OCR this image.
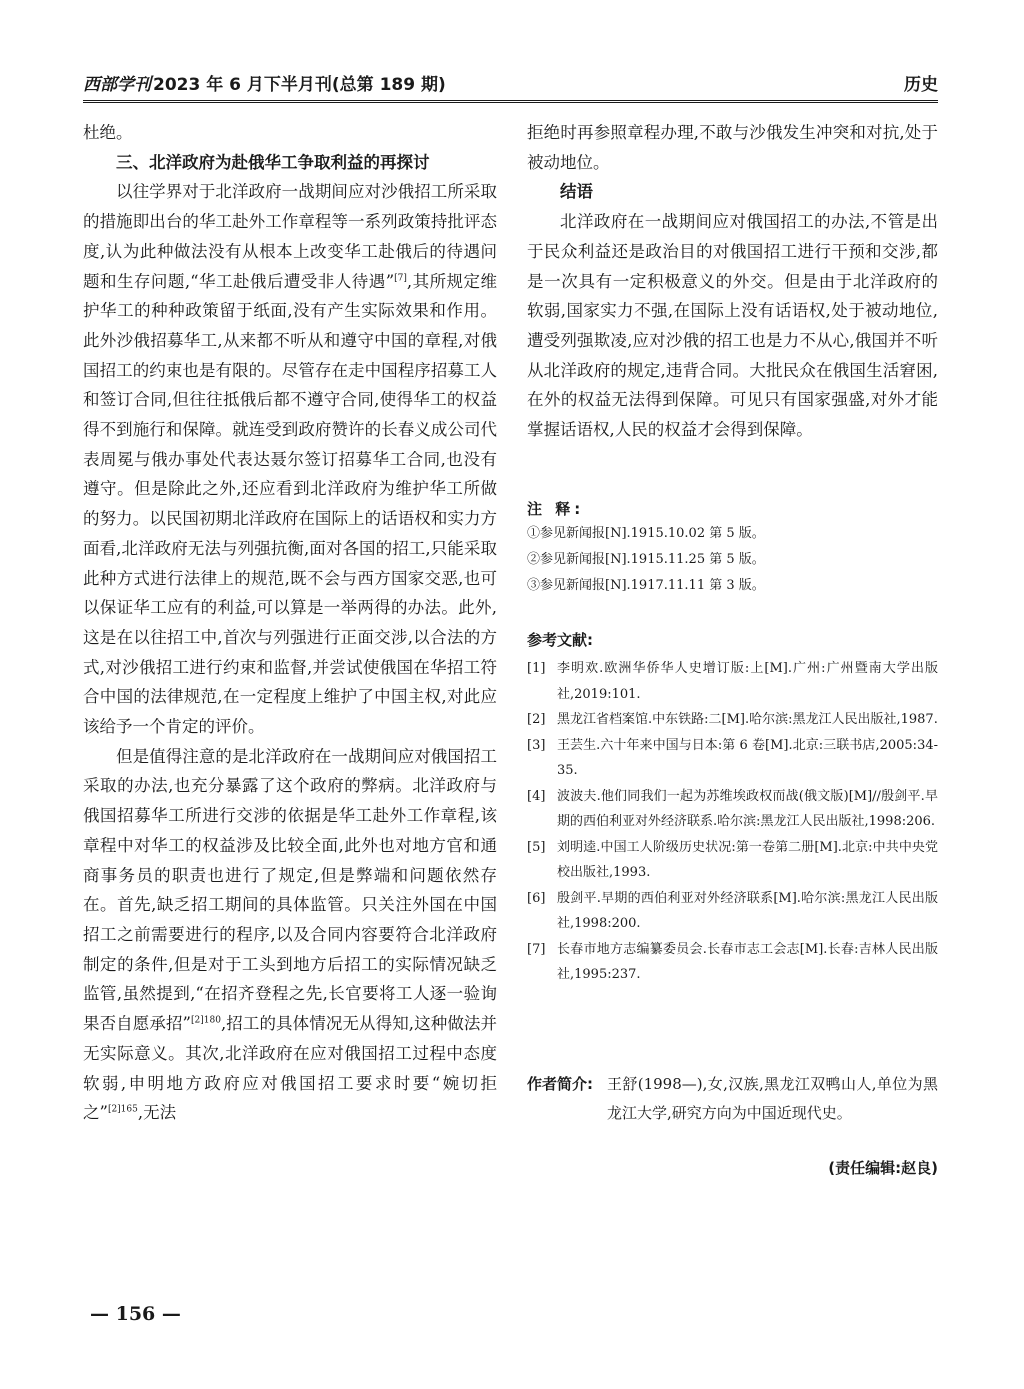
西部学刊 2023 年 6 月下半月刊(总第 189 期)	历史

杜绝。

三、北洋政府为赴俄华工争取利益的再探讨

以往学界对于北洋政府一战期间应对沙俄招工所采取的措施即出台的华工赴外工作章程等一系列政策持批评态度,认为此种做法没有从根本上改变华工赴俄后的待遇问题和生存问题,“华工赴俄后遭受非人待遇”[7],其所规定维护华工的种种政策留于纸面,没有产生实际效果和作用。此外沙俄招募华工,从来都不听从和遵守中国的章程,对俄国招工的约束也是有限的。尽管存在走中国程序招募工人和签订合同,但往往抵俄后都不遵守合同,使得华工的权益得不到施行和保障。就连受到政府赞许的长春义成公司代表周冕与俄办事处代表达聂尔签订招募华工合同,也没有遵守。但是除此之外,还应看到北洋政府为维护华工所做的努力。以民国初期北洋政府在国际上的话语权和实力方面看,北洋政府无法与列强抗衡,面对各国的招工,只能采取此种方式进行法律上的规范,既不会与西方国家交恶,也可以保证华工应有的利益,可以算是一举两得的办法。此外,这是在以往招工中,首次与列强进行正面交涉,以合法的方式,对沙俄招工进行约束和监督,并尝试使俄国在华招工符合中国的法律规范,在一定程度上维护了中国主权,对此应该给予一个肯定的评价。

但是值得注意的是北洋政府在一战期间应对俄国招工采取的办法,也充分暴露了这个政府的弊病。北洋政府与俄国招募华工所进行交涉的依据是华工赴外工作章程,该章程中对华工的权益涉及比较全面,此外也对地方官和通商事务员的职责也进行了规定,但是弊端和问题依然存在。首先,缺乏招工期间的具体监管。只关注外国在中国招工之前需要进行的程序,以及合同内容要符合北洋政府制定的条件,但是对于工头到地方后招工的实际情况缺乏监管,虽然提到,“在招齐登程之先,长官要将工人逐一验询果否自愿承招”$^{[2]180}$,招工的具体情况无从得知,这种做法并无实际意义。其次,北洋政府在应对俄国招工过程中态度软弱,申明地方政府应对俄国招工要求时要“婉切拒之”$^{[2]165}$,无法

拒绝时再参照章程办理,不敢与沙俄发生冲突和对抗,处于被动地位。

结语

北洋政府在一战期间应对俄国招工的办法,不管是出于民众利益还是政治目的对俄国招工进行干预和交涉,都是一次具有一定积极意义的外交。但是由于北洋政府的软弱,国家实力不强,在国际上没有话语权,处于被动地位,遭受列强欺凌,应对沙俄的招工也是力不从心,俄国并不听从北洋政府的规定,违背合同。大批民众在俄国生活窘困,在外的权益无法得到保障。可见只有国家强盛,对外才能掌握话语权,人民的权益才会得到保障。

注 释:
①参见新闻报[N].1915.10.02 第 5 版。
②参见新闻报[N].1915.11.25 第 5 版。
③参见新闻报[N].1917.11.11 第 3 版。
参考文献:
[1] 李明欢.欧洲华侨华人史增订版:上[M].广州:广州暨南大学出版社,2019:101.
[2] 黑龙江省档案馆.中东铁路:二[M].哈尔滨:黑龙江人民出版社,1987.
[3] 王芸生.六十年来中国与日本:第 6 卷[M].北京:三联书店,2005:34-35.
[4] 波波夫.他们同我们一起为苏维埃政权而战(俄文版)[M]//殷剑平.早期的西伯利亚对外经济联系.哈尔滨:黑龙江人民出版社,1998:206.
[5] 刘明逵.中国工人阶级历史状况:第一卷第二册[M].北京:中共中央党校出版社,1993.
[6] 殷剑平.早期的西伯利亚对外经济联系[M].哈尔滨:黑龙江人民出版社,1998:200.
[7] 长春市地方志编纂委员会.长春市志工会志[M].长春:吉林人民出版社,1995:237.
作者简介: 王舒(1998—),女,汉族,黑龙江双鸭山人,单位为黑龙江大学,研究方向为中国近现代史。
(责任编辑:赵良)
— 156 —
